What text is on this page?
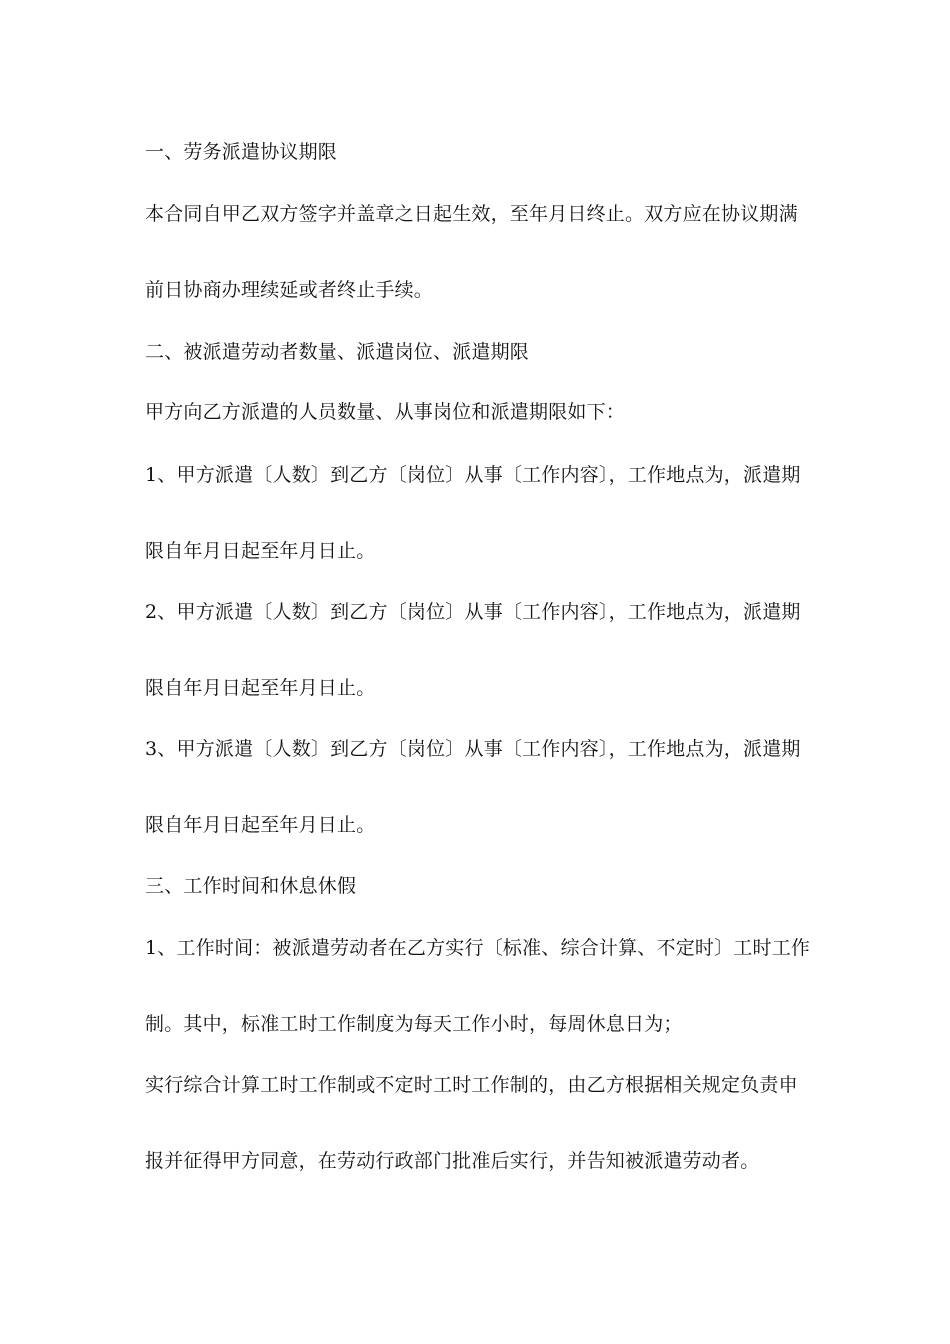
一、劳务派遣协议期限

本合同自甲乙双方签字并盖章之日起生效，至年月日终止。双方应在协议期满

前日协商办理续延或者终止手续。

二、被派遣劳动者数量、派遣岗位、派遣期限

甲方向乙方派遣的人员数量、从事岗位和派遣期限如下：

1、甲方派遣〔人数〕到乙方〔岗位〕从事〔工作内容〕，工作地点为，派遣期

限自年月日起至年月日止。

2、甲方派遣〔人数〕到乙方〔岗位〕从事〔工作内容〕，工作地点为，派遣期

限自年月日起至年月日止。

3、甲方派遣〔人数〕到乙方〔岗位〕从事〔工作内容〕，工作地点为，派遣期

限自年月日起至年月日止。

三、工作时间和休息休假

1、工作时间：被派遣劳动者在乙方实行〔标准、综合计算、不定时〕工时工作

制。其中，标准工时工作制度为每天工作小时，每周休息日为；

实行综合计算工时工作制或不定时工时工作制的，由乙方根据相关规定负责申

报并征得甲方同意，在劳动行政部门批准后实行，并告知被派遣劳动者。
